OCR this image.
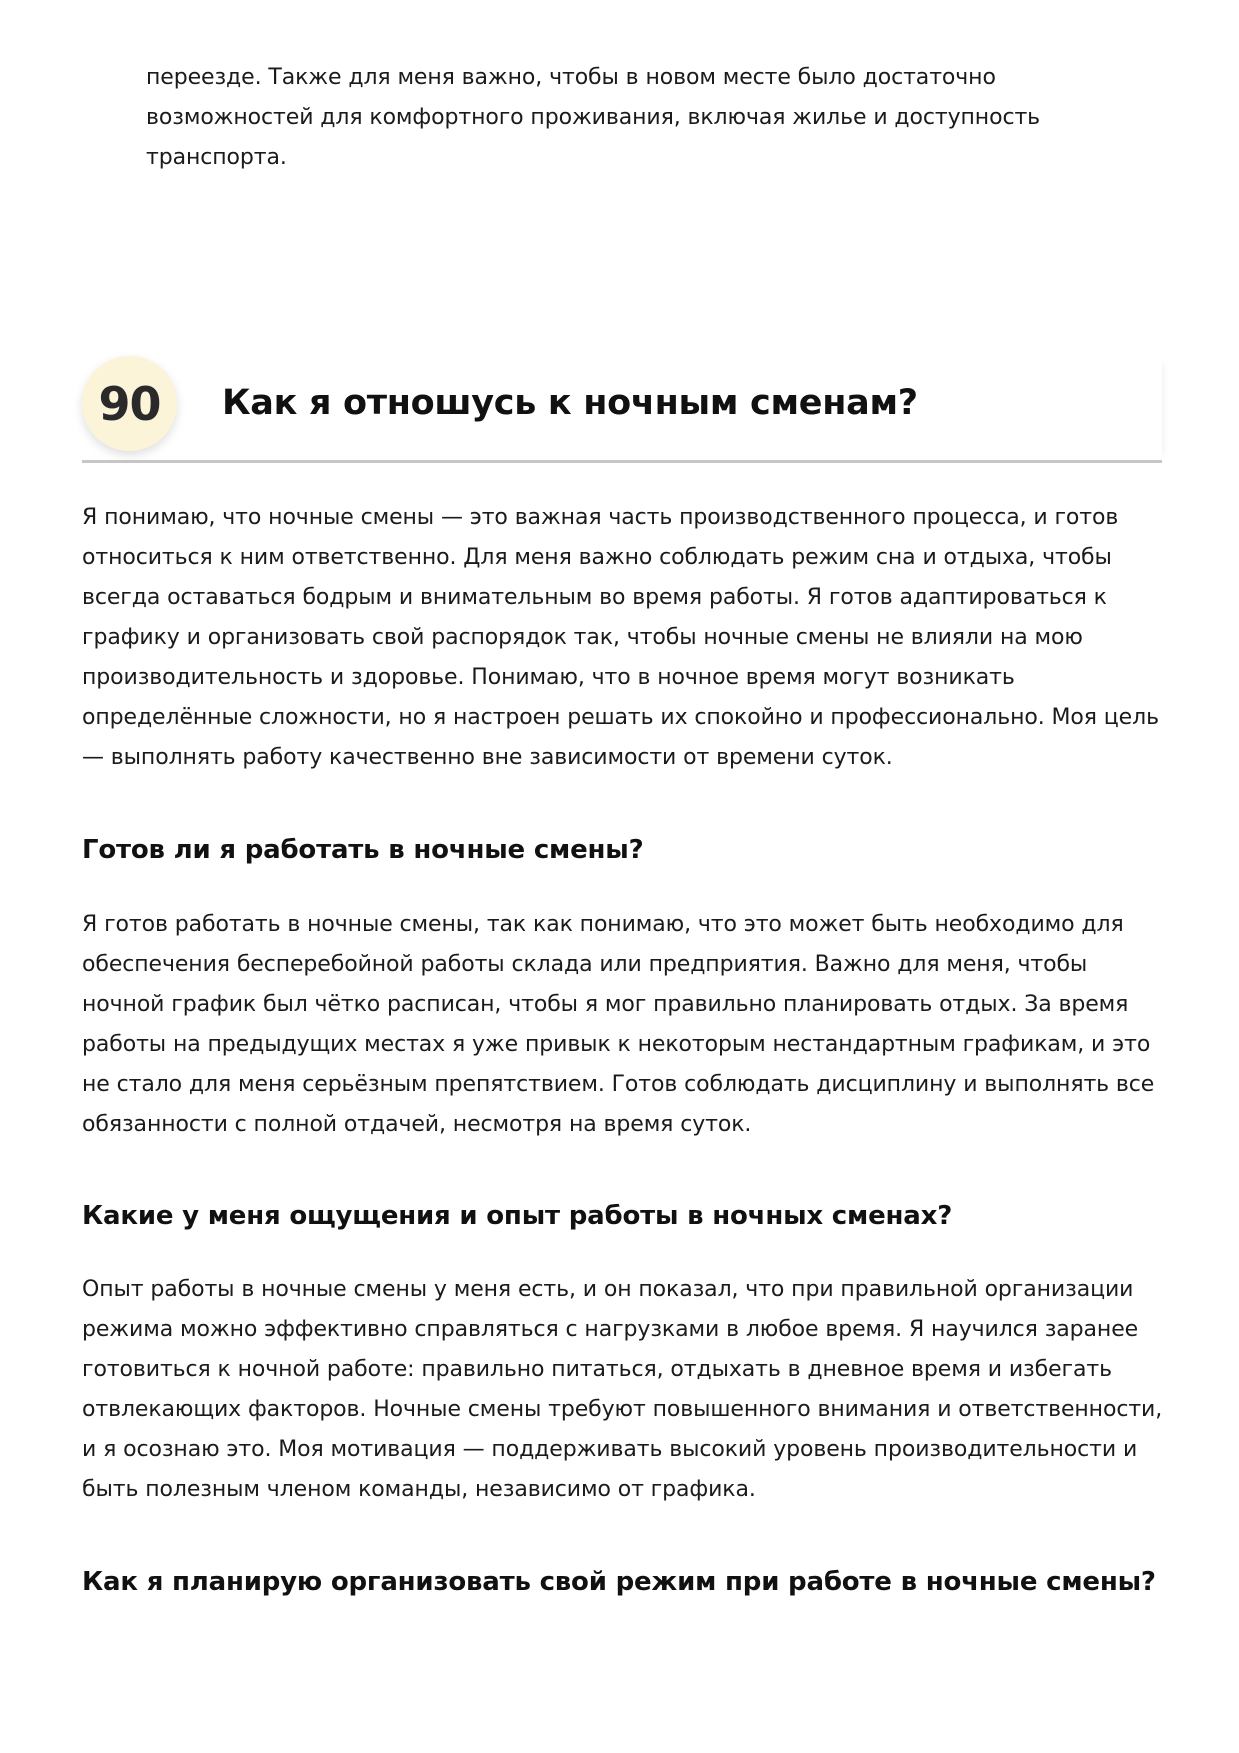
переезде. Также для меня важно, чтобы в новом месте было достаточно возможностей для комфортного проживания, включая жилье и доступность транспорта.

90	Как я отношусь к ночным сменам?

Я понимаю, что ночные смены — это важная часть производственного процесса, и готов относиться к ним ответственно. Для меня важно соблюдать режим сна и отдыха, чтобы всегда оставаться бодрым и внимательным во время работы. Я готов адаптироваться к графику и организовать свой распорядок так, чтобы ночные смены не влияли на мою производительность и здоровье. Понимаю, что в ночное время могут возникать определённые сложности, но я настроен решать их спокойно и профессионально. Моя цель — выполнять работу качественно вне зависимости от времени суток.

Готов ли я работать в ночные смены?

Я готов работать в ночные смены, так как понимаю, что это может быть необходимо для обеспечения бесперебойной работы склада или предприятия. Важно для меня, чтобы ночной график был чётко расписан, чтобы я мог правильно планировать отдых. За время работы на предыдущих местах я уже привык к некоторым нестандартным графикам, и это не стало для меня серьёзным препятствием. Готов соблюдать дисциплину и выполнять все обязанности с полной отдачей, несмотря на время суток.

Какие у меня ощущения и опыт работы в ночных сменах?

Опыт работы в ночные смены у меня есть, и он показал, что при правильной организации режима можно эффективно справляться с нагрузками в любое время. Я научился заранее готовиться к ночной работе: правильно питаться, отдыхать в дневное время и избегать отвлекающих факторов. Ночные смены требуют повышенного внимания и ответственности, и я осознаю это. Моя мотивация — поддерживать высокий уровень производительности и быть полезным членом команды, независимо от графика.

Как я планирую организовать свой режим при работе в ночные смены?
